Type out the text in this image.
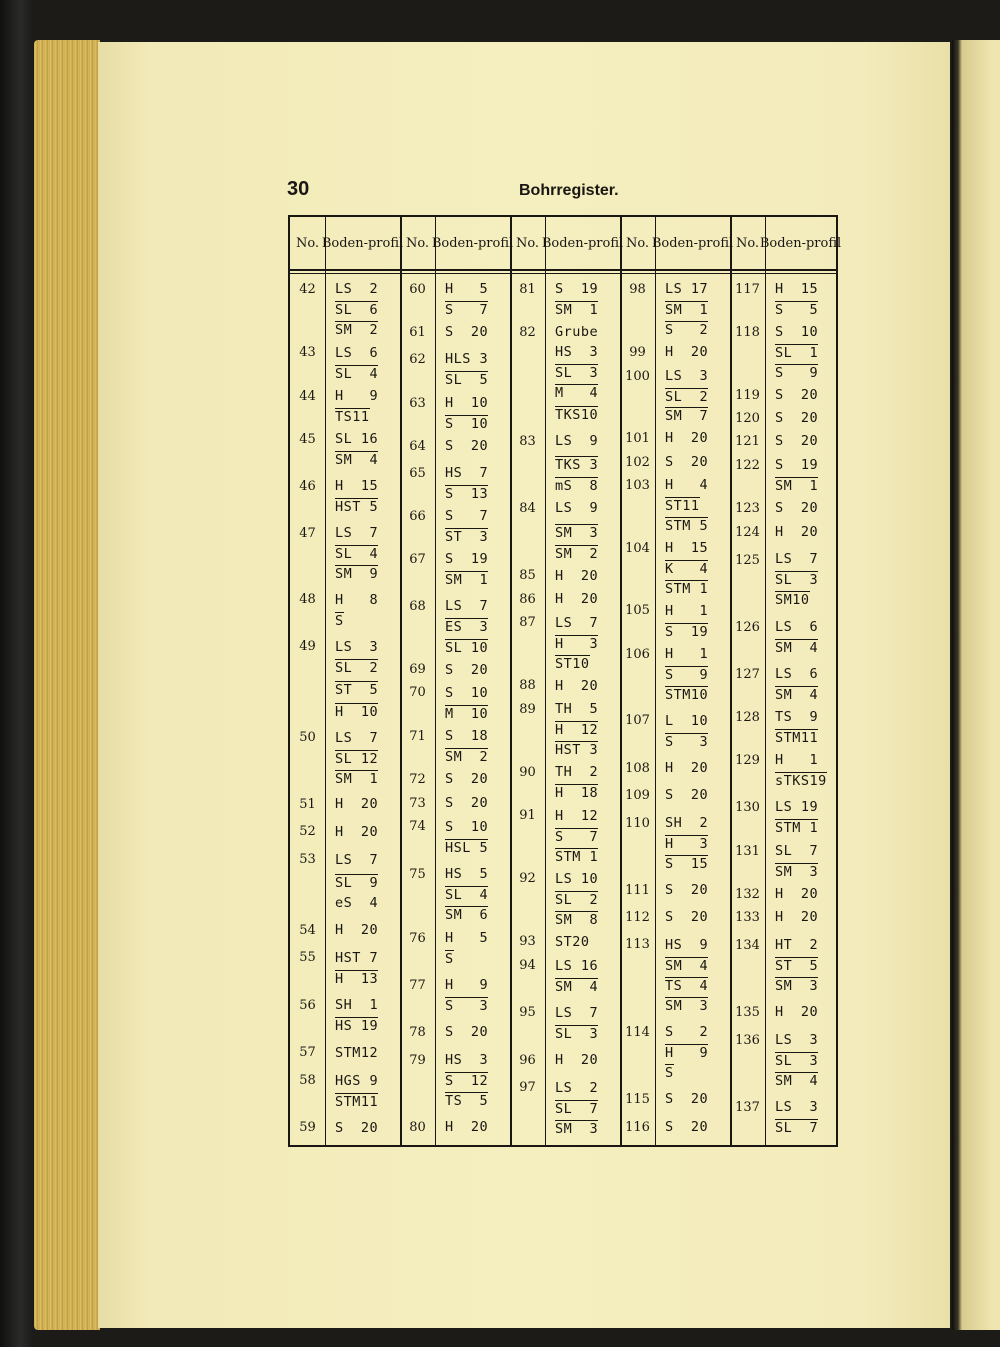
30	Bohrregister.
No. Boden- profil
42
43
44
45
46
47
48
49
50
51
52
53
54
55
56
57
58
59
LS  2
SL  6
SM  2
LS  6
SL  4
H   9
TS11
SL 16
SM  4
H  15
HST 5
LS  7
SL  4
SM  9
H   8
S
LS  3
SL  2
ST  5
H  10
LS  7
SL 12
SM  1
H  20
H  20
LS  7
SL  9
eS  4
H  20
HST 7
H  13
SH  1
HS 19
STM12
HGS 9
STM11
S  20
No. Boden- profil
60
61
62
63
64
65
66
67
68
69
70
71
72
73
74
75
76
77
78
79
80
H   5
S   7
S  20
HLS 3
SL  5
H  10
S  10
S  20
HS  7
S  13
S   7
ST  3
S  19
SM  1
LS  7
ES  3
SL 10
S  20
S  10
M  10
S  18
SM  2
S  20
S  20
S  10
HSL 5
HS  5
SL  4
SM  6
H   5
S
H   9
S   3
S  20
HS  3
S  12
TS  5
H  20
No. Boden- profil
81
82
83
84
85
86
87
88
89
90
91
92
93
94
95
96
97
S  19
SM  1
Grube
HS  3
SL  3
M   4
TKS10
LS  9
TKS 3
mS  8
LS  9
SM  3
SM  2
H  20
H  20
LS  7
H   3
ST10
H  20
TH  5
H  12
HST 3
TH  2
H  18
H  12
S   7
STM 1
LS 10
SL  2
SM  8
ST20
LS 16
SM  4
LS  7
SL  3
H  20
LS  2
SL  7
SM  3
No. Boden- profil
98
99
100
101
102
103
104
105
106
107
108
109
110
111
112
113
114
115
116
LS 17
SM  1
S   2
H  20
LS  3
SL  2
SM  7
H  20
S  20
H   4
ST11
STM 5
H  15
K   4
STM 1
H   1
S  19
H   1
S   9
STM10
L  10
S   3
H  20
S  20
SH  2
H   3
S  15
S  20
S  20
HS  9
SM  4
TS  4
SM  3
S   2
H   9
S
S  20
S  20
No. Boden- profil
117
118
119
120
121
122
123
124
125
126
127
128
129
130
131
132
133
134
135
136
137
H  15
S   5
S  10
SL  1
S   9
S  20
S  20
S  20
S  19
SM  1
S  20
H  20
LS  7
SL  3
SM10
LS  6
SM  4
LS  6
SM  4
TS  9
STM11
H   1
sTKS19
LS 19
STM 1
SL  7
SM  3
H  20
H  20
HT  2
ST  5
SM  3
H  20
LS  3
SL  3
SM  4
LS  3
SL  7
